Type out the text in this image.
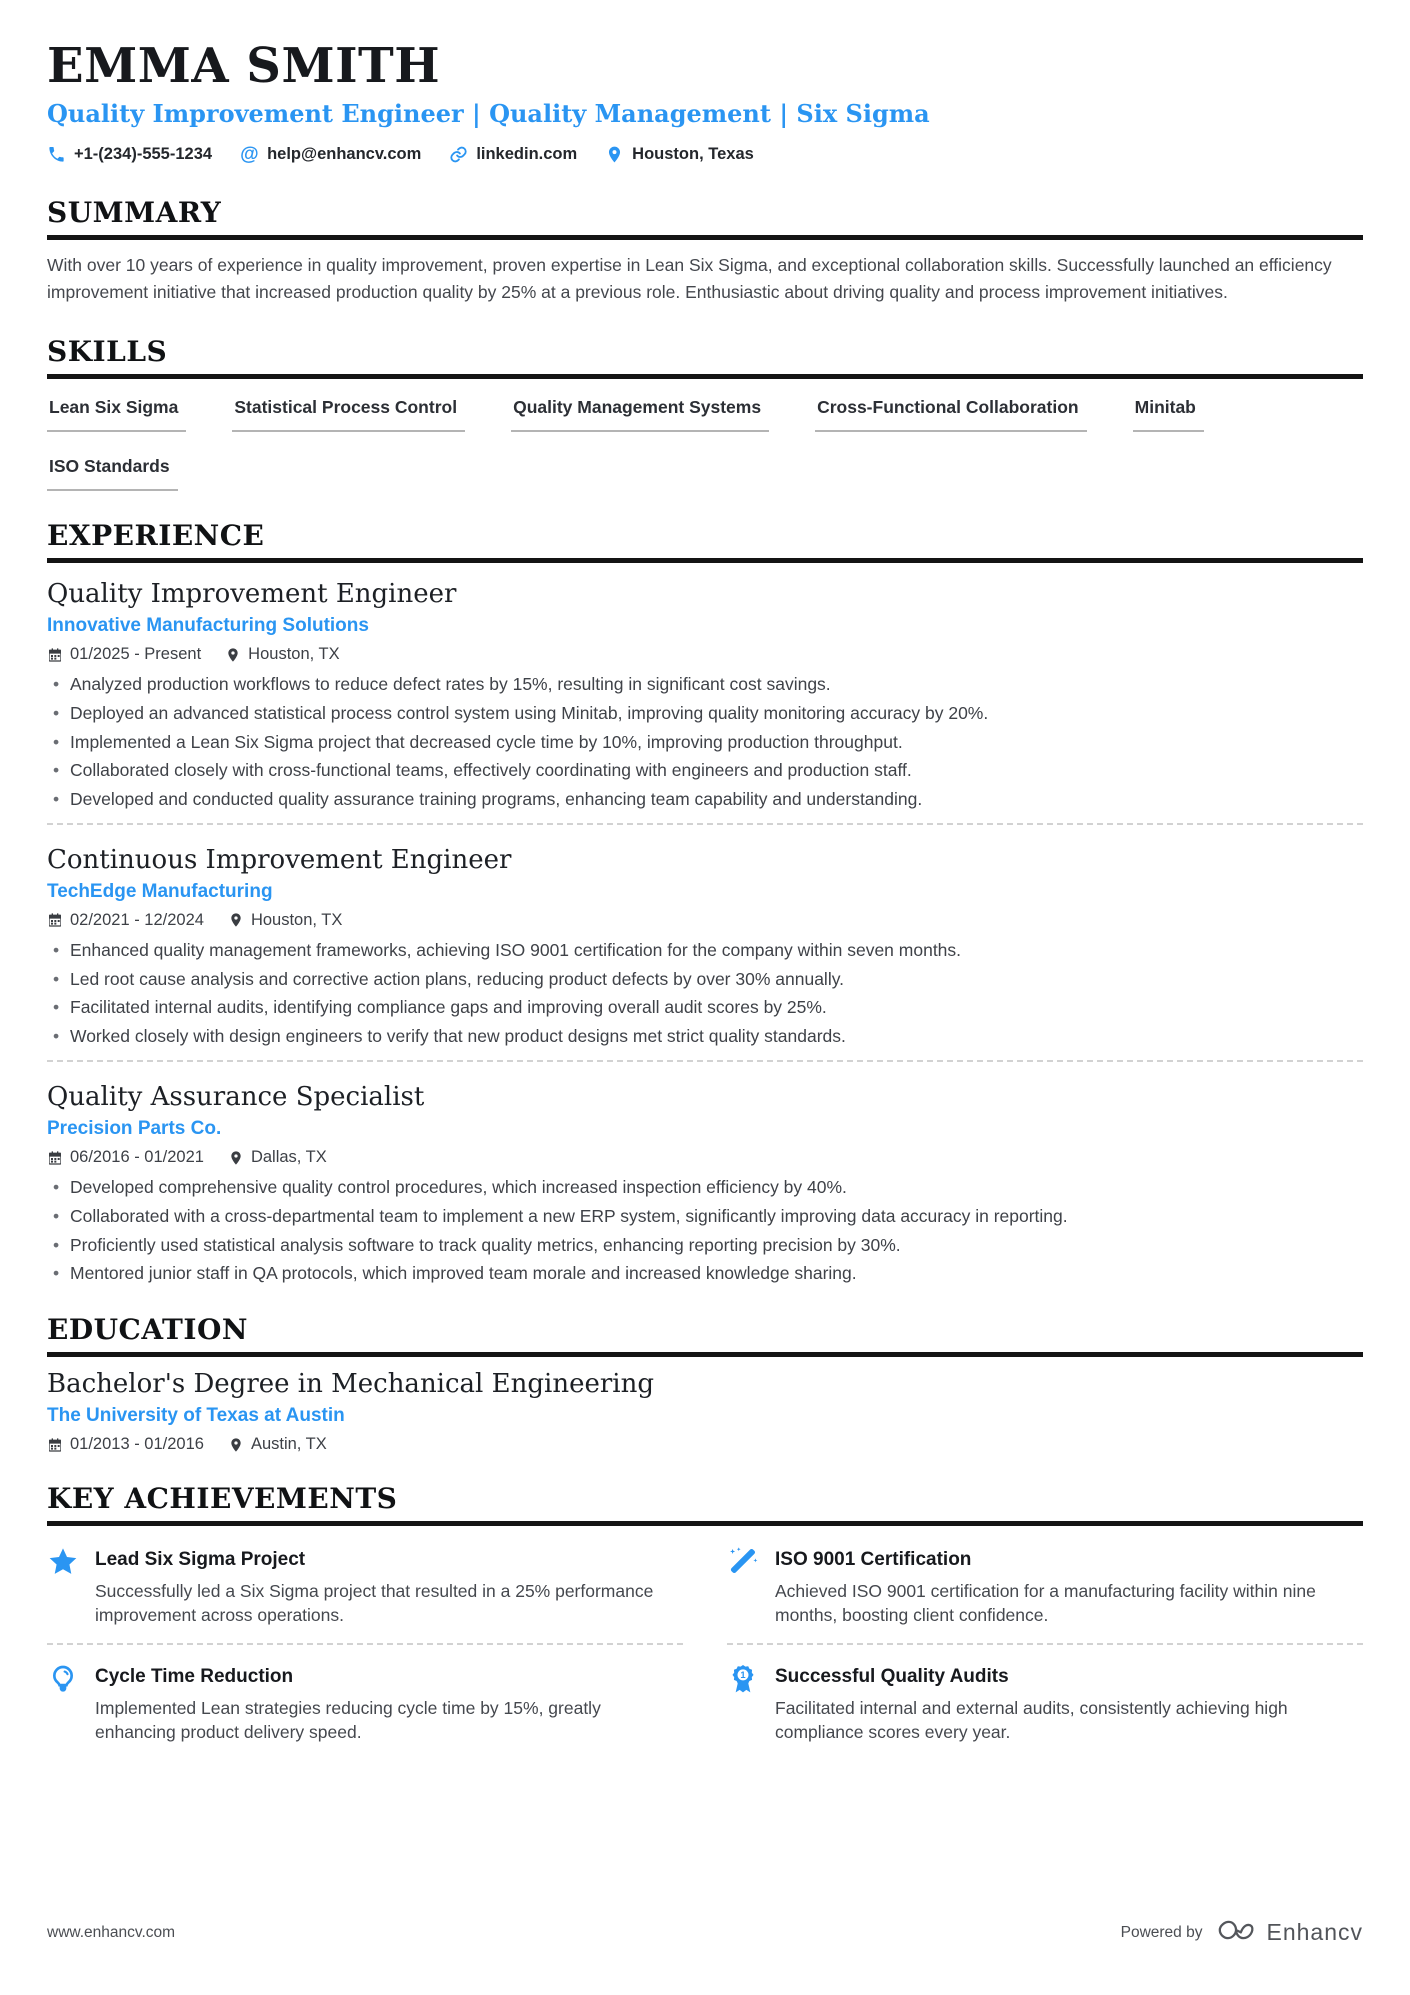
EMMA SMITH
Quality Improvement Engineer | Quality Management | Six Sigma
+1-(234)-555-1234 @ help@enhancv.com	linkedin.com	Houston, Texas
SUMMARY
With over 10 years of experience in quality improvement, proven expertise in Lean Six Sigma, and exceptional collaboration skills. Successfully launched an efficiency improvement initiative that increased production quality by 25% at a previous role. Enthusiastic about driving quality and process improvement initiatives.
SKILLS
Lean Six Sigma	Statistical Process Control	Quality Management Systems	Cross-Functional Collaboration	Minitab
ISO Standards
EXPERIENCE
Quality Improvement Engineer
Innovative Manufacturing Solutions
01/2025 - Present	Houston, TX
• Analyzed production workflows to reduce defect rates by 15%, resulting in significant cost savings.
• Deployed an advanced statistical process control system using Minitab, improving quality monitoring accuracy by 20%.
• Implemented a Lean Six Sigma project that decreased cycle time by 10%, improving production throughput.
• Collaborated closely with cross-functional teams, effectively coordinating with engineers and production staff.
• Developed and conducted quality assurance training programs, enhancing team capability and understanding.
Continuous Improvement Engineer
TechEdge Manufacturing
02/2021 - 12/2024	Houston, TX
• Enhanced quality management frameworks, achieving ISO 9001 certification for the company within seven months.
• Led root cause analysis and corrective action plans, reducing product defects by over 30% annually.
• Facilitated internal audits, identifying compliance gaps and improving overall audit scores by 25%.
• Worked closely with design engineers to verify that new product designs met strict quality standards.
Quality Assurance Specialist
Precision Parts Co.
06/2016 - 01/2021	Dallas, TX
• Developed comprehensive quality control procedures, which increased inspection efficiency by 40%.
• Collaborated with a cross-departmental team to implement a new ERP system, significantly improving data accuracy in reporting.
• Proficiently used statistical analysis software to track quality metrics, enhancing reporting precision by 30%.
• Mentored junior staff in QA protocols, which improved team morale and increased knowledge sharing.
EDUCATION
Bachelor's Degree in Mechanical Engineering
The University of Texas at Austin
01/2013 - 01/2016	Austin, TX
KEY ACHIEVEMENTS
Lead Six Sigma Project
Successfully led a Six Sigma project that resulted in a 25% performance improvement across operations.
Cycle Time Reduction
Implemented Lean strategies reducing cycle time by 15%, greatly enhancing product delivery speed.
ISO 9001 Certification
Achieved ISO 9001 certification for a manufacturing facility within nine months, boosting client confidence.
1 Successful Quality Audits
Facilitated internal and external audits, consistently achieving high compliance scores every year.
www.enhancv.com	Powered by	Enhancv
